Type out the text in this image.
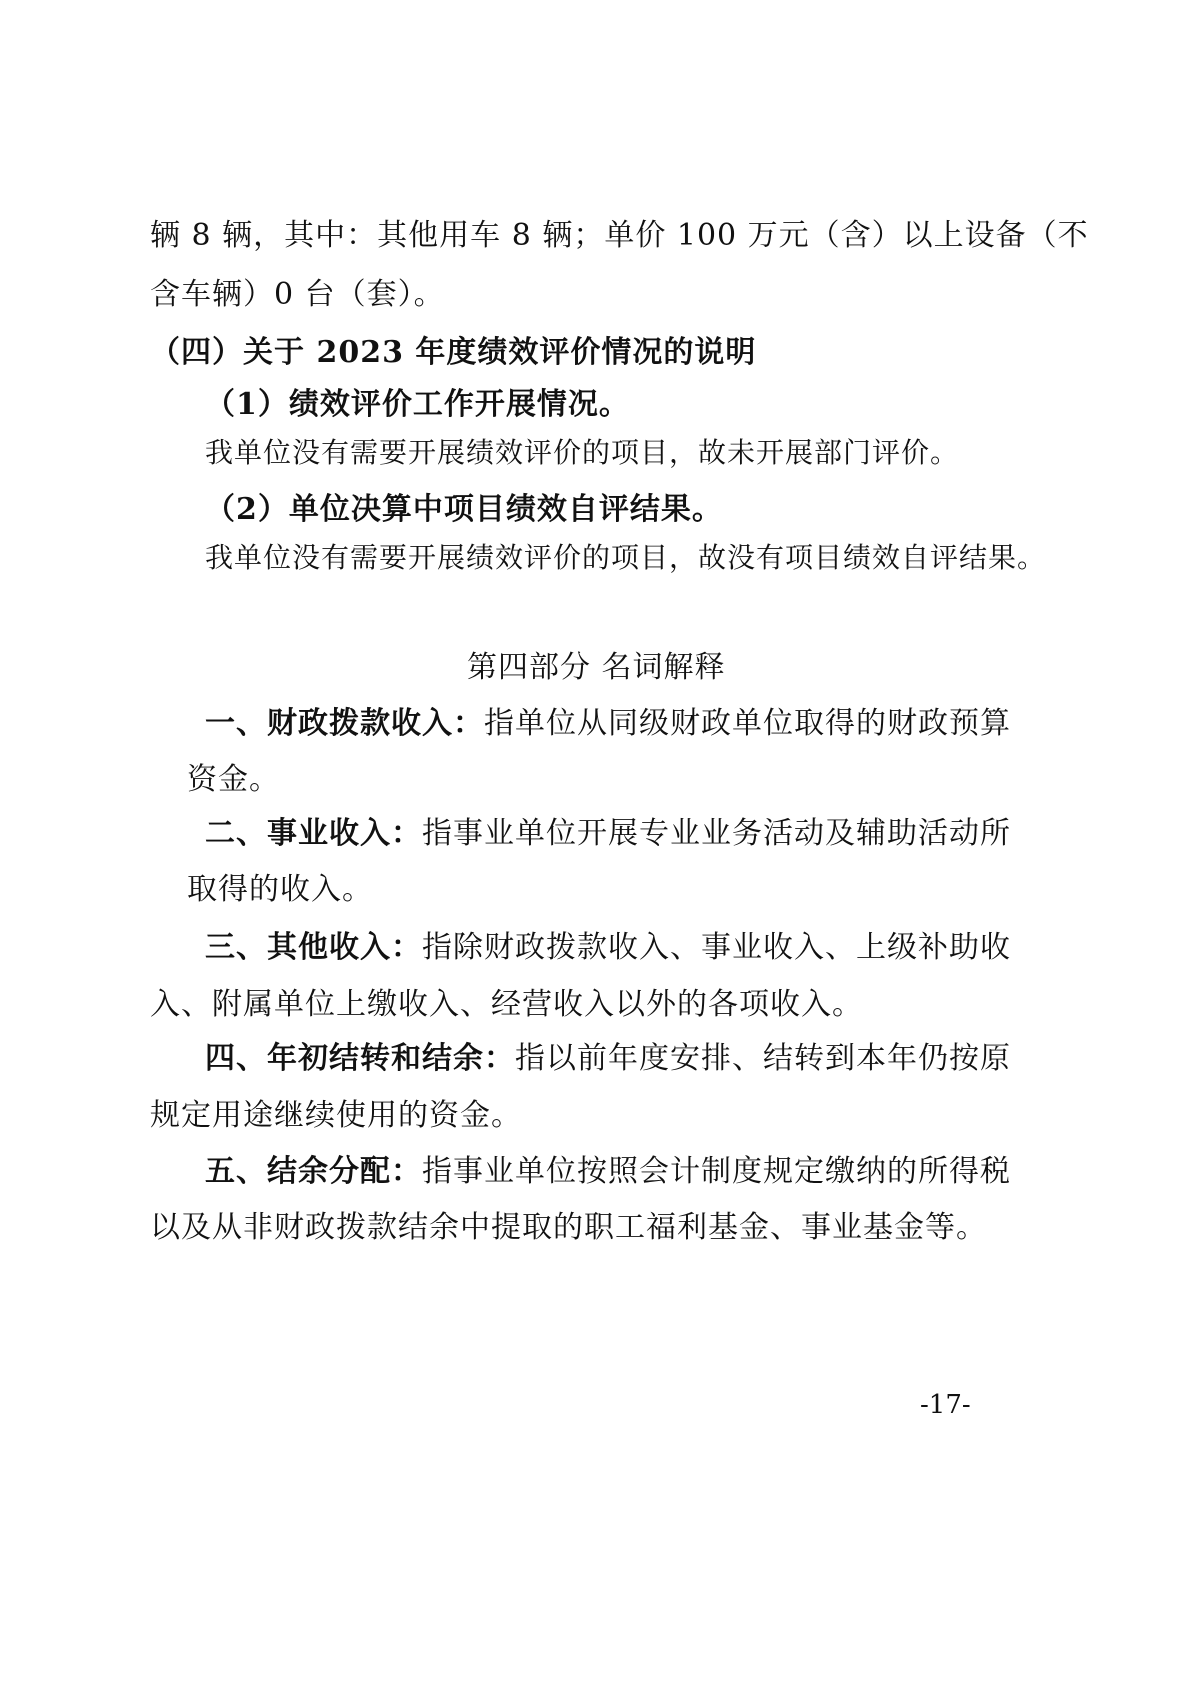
辆 8 辆，其中：其他用车 8 辆；单价 100 万元（含）以上设备（不
含车辆）0 台（套）。
（四）关于 2023 年度绩效评价情况的说明
（1）绩效评价工作开展情况。
我单位没有需要开展绩效评价的项目，故未开展部门评价。
（2）单位决算中项目绩效自评结果。
我单位没有需要开展绩效评价的项目，故没有项目绩效自评结果。
第四部分 名词解释
一、财政拨款收入：指单位从同级财政单位取得的财政预算
资金。
二、事业收入：指事业单位开展专业业务活动及辅助活动所
取得的收入。
三、其他收入：指除财政拨款收入、事业收入、上级补助收
入、附属单位上缴收入、经营收入以外的各项收入。
四、年初结转和结余：指以前年度安排、结转到本年仍按原
规定用途继续使用的资金。
五、结余分配：指事业单位按照会计制度规定缴纳的所得税
以及从非财政拨款结余中提取的职工福利基金、事业基金等。
-17-
